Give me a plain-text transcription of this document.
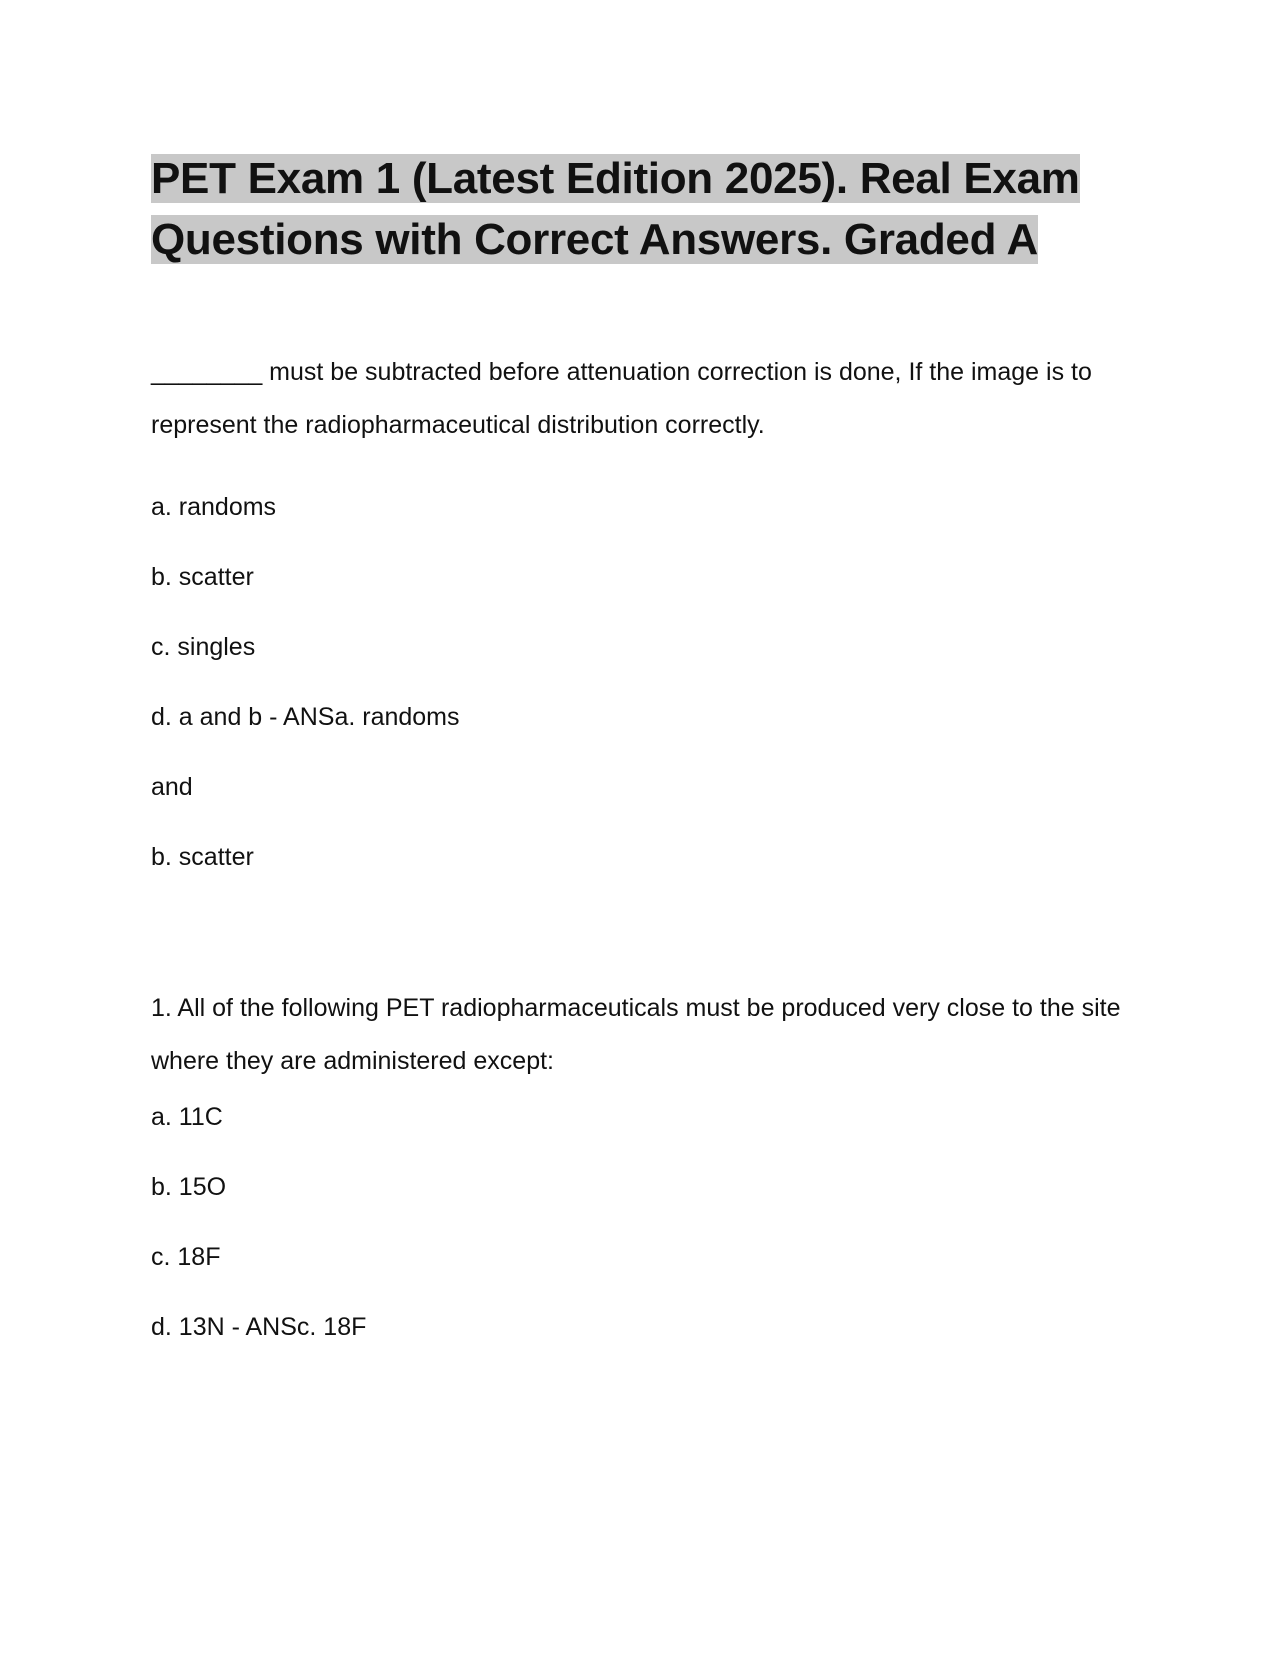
PET Exam 1 (Latest Edition 2025). Real Exam Questions with Correct Answers. Graded A

________ must be subtracted before attenuation correction is done, If the image is to represent the radiopharmaceutical distribution correctly.

a. randoms

b. scatter

c. singles

d. a and b - ANSa. randoms

and

b. scatter

1. All of the following PET radiopharmaceuticals must be produced very close to the site where they are administered except:

a. 11C

b. 15O

c. 18F

d. 13N - ANSc. 18F
